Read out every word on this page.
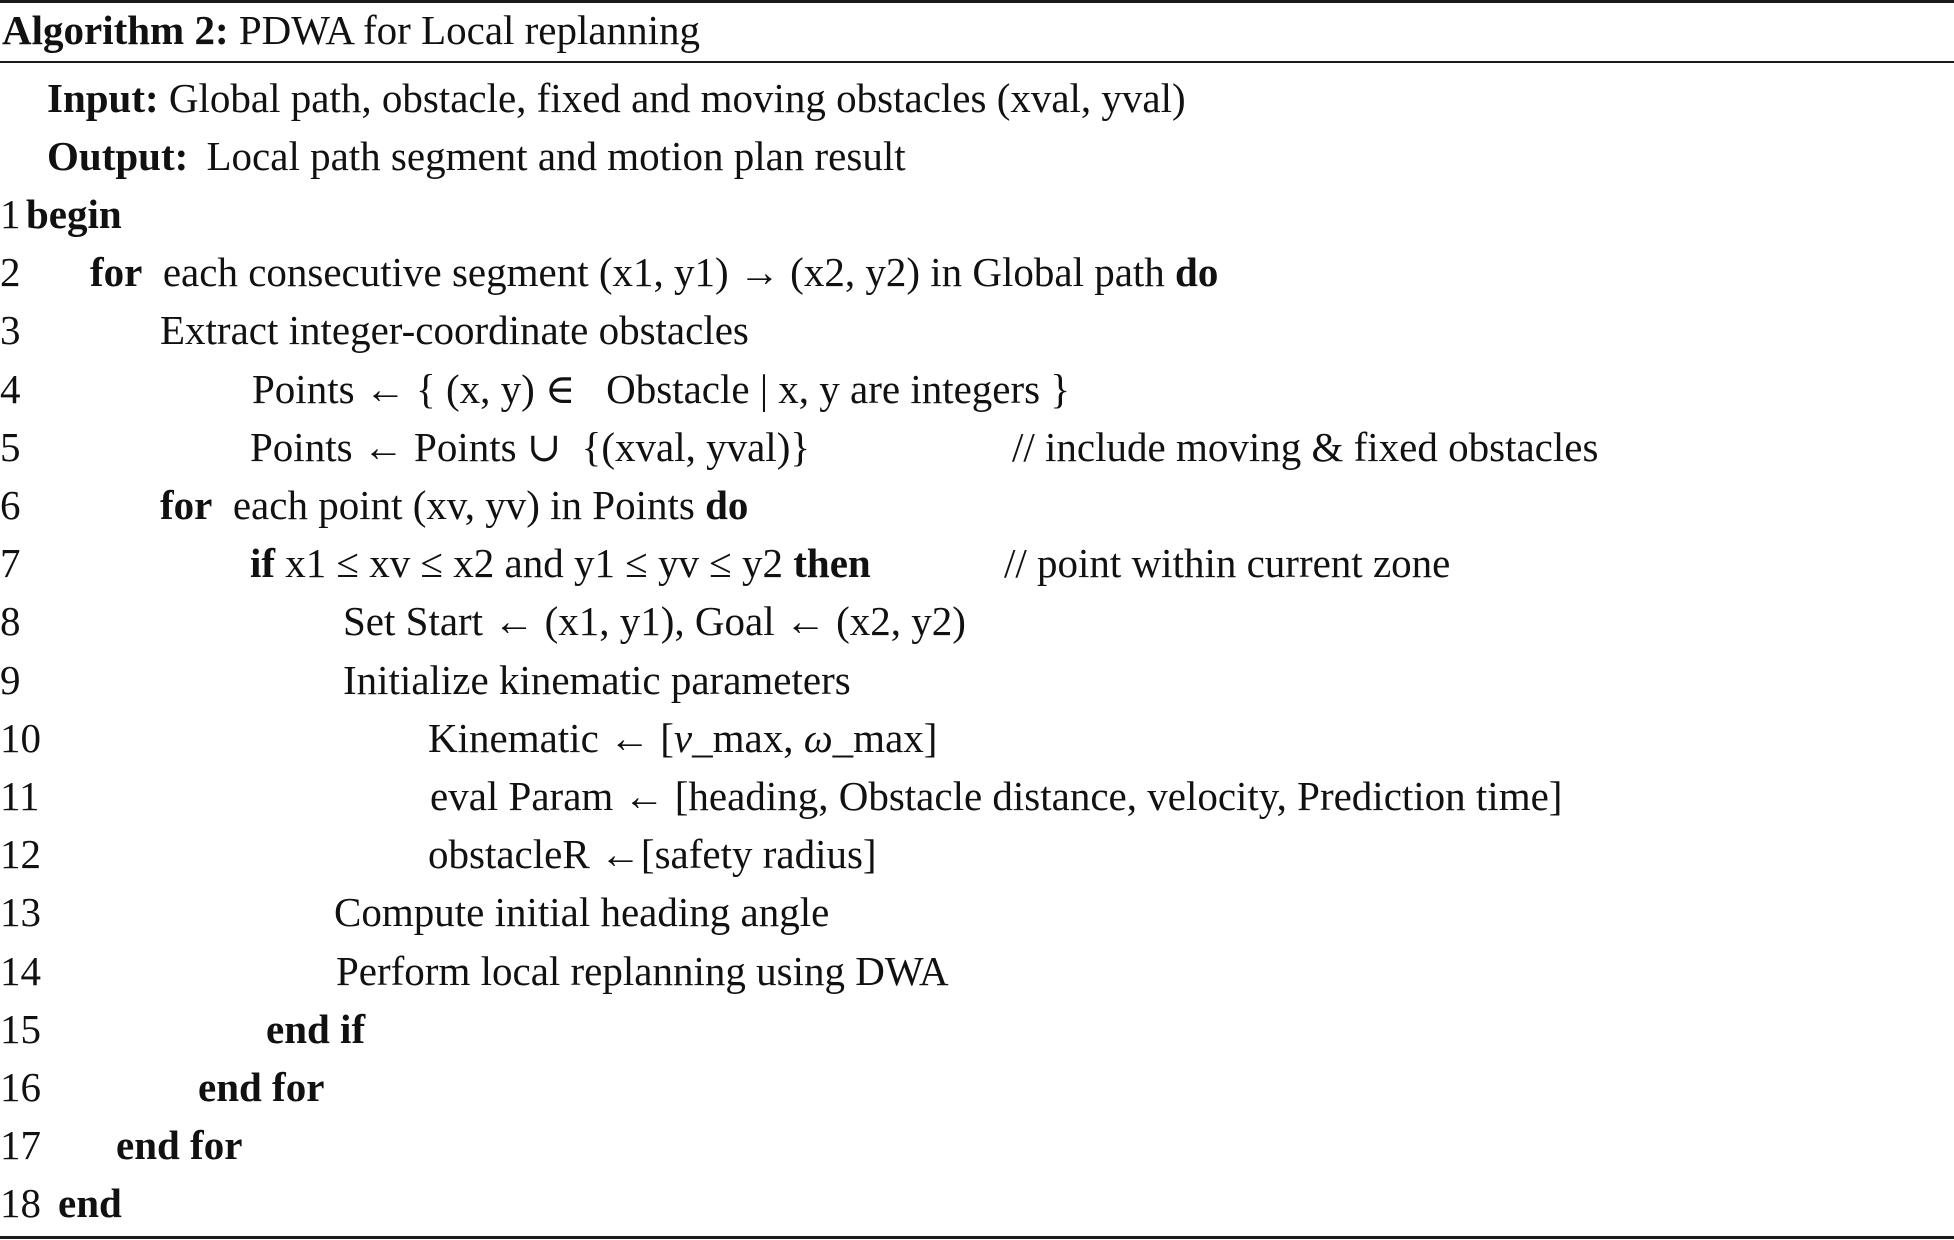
Algorithm 2: PDWA for Local replanning
Input: Global path, obstacle, fixed and moving obstacles (xval, yval)
Output: Local path segment and motion plan result
1 begin
2 for  each consecutive segment (x1, y1) → (x2, y2) in Global path do
3	Extract integer-coordinate obstacles
4	Points ← { (x, y) ∈   Obstacle | x, y are integers }
5	Points ← Points ∪  {(xval, yval)}	// include moving & fixed obstacles
6	for  each point (xv, yv) in Points do
7	if x1 ≤ xv ≤ x2 and y1 ≤ yv ≤ y2 then	// point within current zone
8	Set Start ← (x1, y1), Goal ← (x2, y2)
9	Initialize kinematic parameters
10	Kinematic ← [v_max, ω_max]
11	eval Param ← [heading, Obstacle distance, velocity, Prediction time]
12	obstacleR ←[safety radius]
13	Compute initial heading angle
14	Perform local replanning using DWA
15	end if
16	end for
17 end for
18 end
